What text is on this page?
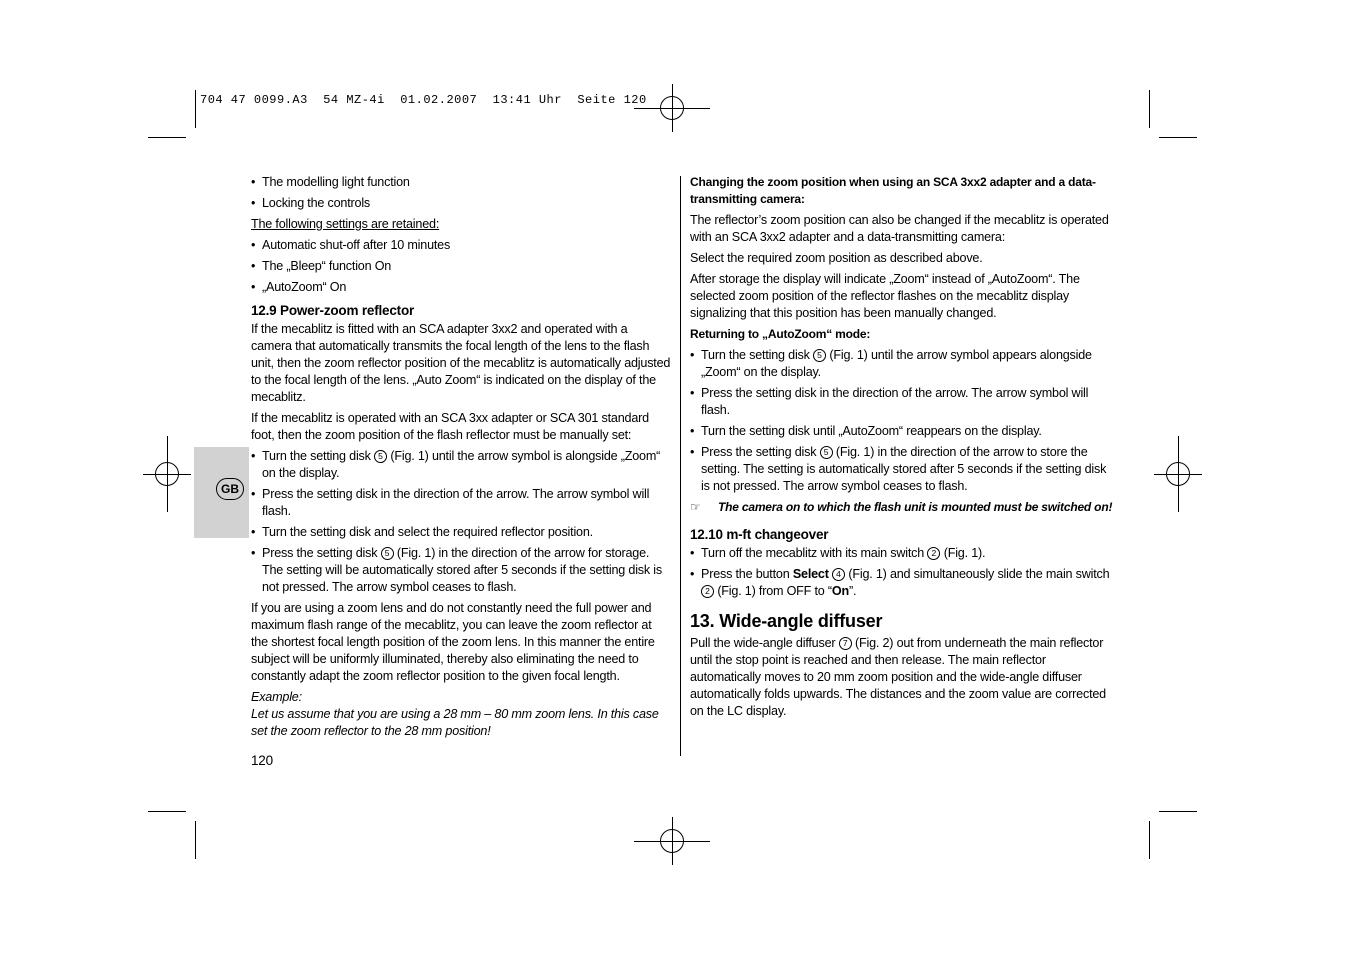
704 47 0099.A3  54 MZ-4i  01.02.2007  13:41 Uhr  Seite 120
GB
• The modelling light function
• Locking the controls

The following settings are retained:

• Automatic shut-off after 10 minutes
• The „Bleep“ function On
• „AutoZoom“ On
12.9 Power-zoom reflector

If the mecablitz is fitted with an SCA adapter 3xx2 and operated with a camera that automatically transmits the focal length of the lens to the flash unit, then the zoom reflector position of the mecablitz is automatically adjusted to the focal length of the lens. „Auto Zoom“ is indicated on the display of the mecablitz.

If the mecablitz is operated with an SCA 3xx adapter or SCA 301 standard foot, then the zoom position of the flash reflector must be manually set:

• Turn the setting disk 5 (Fig. 1) until the arrow symbol is alongside „Zoom“ on the display.
• Press the setting disk in the direction of the arrow. The arrow symbol will flash.
• Turn the setting disk and select the required reflector position.
• Press the setting disk 5 (Fig. 1) in the direction of the arrow for storage. The setting will be automatically stored after 5 seconds if the setting disk is not pressed. The arrow symbol ceases to flash.

If you are using a zoom lens and do not constantly need the full power and maximum flash range of the mecablitz, you can leave the zoom reflector at the shortest focal length position of the zoom lens. In this manner the entire subject will be uniformly illuminated, thereby also eliminating the need to constantly adapt the zoom reflector position to the given focal length.

Example:

Let us assume that you are using a 28 mm – 80 mm zoom lens. In this case set the zoom reflector to the 28 mm position!

120

Changing the zoom position when using an SCA 3xx2 adapter and a data-transmitting camera:

The reflector’s zoom position can also be changed if the mecablitz is operated with an SCA 3xx2 adapter and a data-transmitting camera:

Select the required zoom position as described above.

After storage the display will indicate „Zoom“ instead of „AutoZoom“. The selected zoom position of the reflector flashes on the mecablitz display signalizing that this position has been manually changed.

Returning to „AutoZoom“ mode:
• Turn the setting disk 5 (Fig. 1) until the arrow symbol appears alongside „Zoom“ on the display.
• Press the setting disk in the direction of the arrow. The arrow symbol will flash.
• Turn the setting disk until „AutoZoom“ reappears on the display.
• Press the setting disk 5 (Fig. 1) in the direction of the arrow to store the setting. The setting is automatically stored after 5 seconds if the setting disk is not pressed. The arrow symbol ceases to flash.

☞ The camera on to which the flash unit is mounted must be switched on!

12.10 m-ft changeover
• Turn off the mecablitz with its main switch 2 (Fig. 1).
• Press the button Select 4 (Fig. 1) and simultaneously slide the main switch
2 (Fig. 1) from OFF to “On”.
13. Wide-angle diffuser

Pull the wide-angle diffuser 7 (Fig. 2) out from underneath the main reflector until the stop point is reached and then release. The main reflector automatically moves to 20 mm zoom position and the wide-angle diffuser automatically folds upwards. The distances and the zoom value are corrected on the LC display.
